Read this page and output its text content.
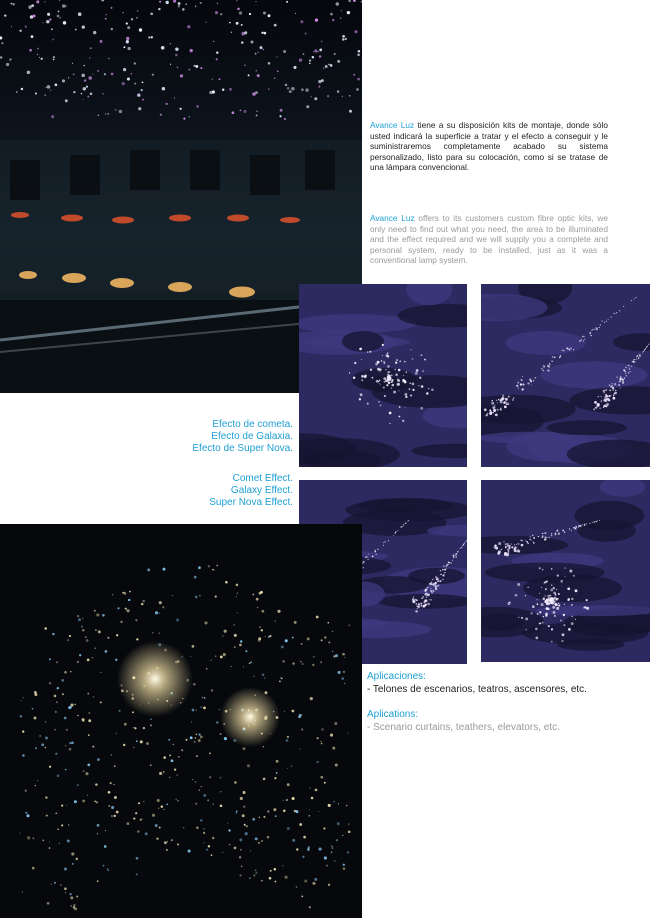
Avance Luz tiene a su disposición kits de montaje, donde sólo usted indicará la superficie a tratar y el efecto a conseguir y le suministraremos completamente acabado su sistema personalizado, listo para su colocación, como si se tratase de una lámpara convencional.
Avance Luz offers to its customers custom fibre optic kits, we only need to find out what you need, the area to be illuminated and the effect required and we will supply you a complete and personal system, ready to be installed, just as it was a conventional lamp system.
Efecto de cometa.
Efecto de Galaxia.
Efecto de Super Nova.
Comet Effect.
Galaxy Effect.
Super Nova Effect.
Aplicaciones:
- Telones de escenarios, teatros, ascensores, etc.
Aplications:
- Scenario curtains, teathers, elevators, etc.
